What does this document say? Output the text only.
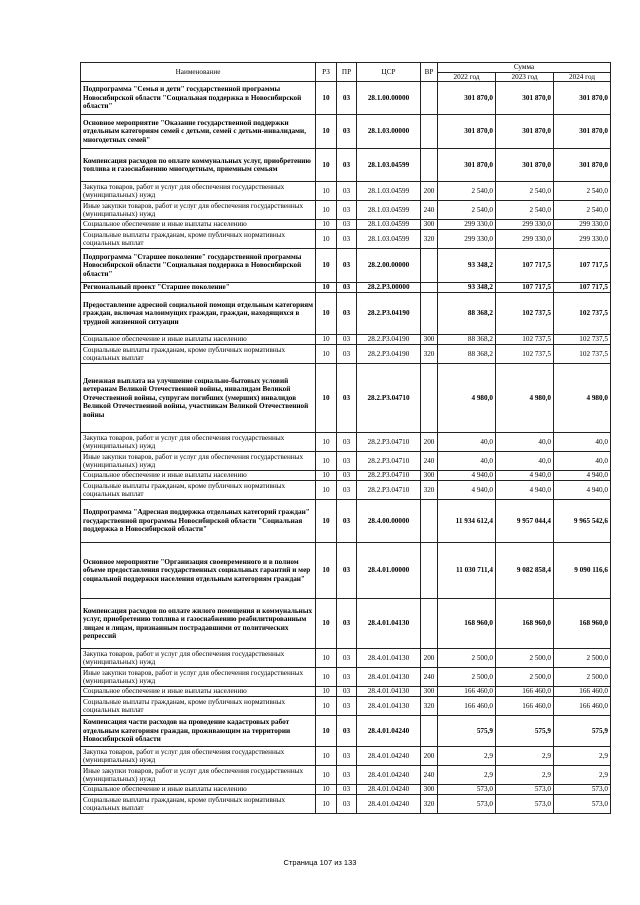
Наименование	РЗ	ПР	ЦСР	ВР	Сумма		
					2022 год	2023 год	2024 год
Подпрограмма "Семья и дети" государственной программы Новосибирской области "Социальная поддержка в Новосибирской области"	10	03	28.1.00.00000		301 870,0	301 870,0	301 870,0
Основное мероприятие "Оказание государственной поддержки отдельным категориям семей с детьми, семей с детьми-инвалидами, многодетных семей"	10	03	28.1.03.00000		301 870,0	301 870,0	301 870,0
Компенсация расходов по оплате коммунальных услуг, приобретению топлива и газоснабжению многодетным, приемным семьям	10	03	28.1.03.04599		301 870,0	301 870,0	301 870,0
Закупка товаров, работ и услуг для обеспечения государственных (муниципальных) нужд	10	03	28.1.03.04599	200	2 540,0	2 540,0	2 540,0
Иные закупки товаров, работ и услуг для обеспечения государственных (муниципальных) нужд	10	03	28.1.03.04599	240	2 540,0	2 540,0	2 540,0
Социальное обеспечение и иные выплаты населению	10	03	28.1.03.04599	300	299 330,0	299 330,0	299 330,0
Социальные выплаты гражданам, кроме публичных нормативных социальных выплат	10	03	28.1.03.04599	320	299 330,0	299 330,0	299 330,0
Подпрограмма "Старшее поколение" государственной программы Новосибирской области "Социальная поддержка в Новосибирской области"	10	03	28.2.00.00000		93 348,2	107 717,5	107 717,5
Региональный проект "Старшее поколение"	10	03	28.2.P3.00000		93 348,2	107 717,5	107 717,5
Предоставление адресной социальной помощи отдельным категориям граждан, включая малоимущих граждан, граждан, находящихся в трудной жизненной ситуации	10	03	28.2.P3.04190		88 368,2	102 737,5	102 737,5
Социальное обеспечение и иные выплаты населению	10	03	28.2.P3.04190	300	88 368,2	102 737,5	102 737,5
Социальные выплаты гражданам, кроме публичных нормативных социальных выплат	10	03	28.2.P3.04190	320	88 368,2	102 737,5	102 737,5
Денежная выплата на улучшение социально-бытовых условий ветеранам Великой Отечественной войны, инвалидам Великой Отечественной войны, супругам погибших (умерших) инвалидов Великой Отечественной войны, участникам Великой Отечественной войны	10	03	28.2.P3.04710		4 980,0	4 980,0	4 980,0
Закупка товаров, работ и услуг для обеспечения государственных (муниципальных) нужд	10	03	28.2.P3.04710	200	40,0	40,0	40,0
Иные закупки товаров, работ и услуг для обеспечения государственных (муниципальных) нужд	10	03	28.2.P3.04710	240	40,0	40,0	40,0
Социальное обеспечение и иные выплаты населению	10	03	28.2.P3.04710	300	4 940,0	4 940,0	4 940,0
Социальные выплаты гражданам, кроме публичных нормативных социальных выплат	10	03	28.2.P3.04710	320	4 940,0	4 940,0	4 940,0
Подпрограмма "Адресная поддержка отдельных категорий граждан" государственной программы Новосибирской области "Социальная поддержка в Новосибирской области"	10	03	28.4.00.00000		11 934 612,4	9 957 044,4	9 965 542,6
Основное мероприятие "Организация своевременного и в полном объеме предоставления государственных социальных гарантий и мер социальной поддержки населения отдельным категориям граждан"	10	03	28.4.01.00000		11 030 711,4	9 082 858,4	9 090 116,6
Компенсация расходов по оплате жилого помещения и коммунальных услуг, приобретению топлива и газоснабжению реабилитированным лицам и лицам, признанным пострадавшими от политических репрессий	10	03	28.4.01.04130		168 960,0	168 960,0	168 960,0
Закупка товаров, работ и услуг для обеспечения государственных (муниципальных) нужд	10	03	28.4.01.04130	200	2 500,0	2 500,0	2 500,0
Иные закупки товаров, работ и услуг для обеспечения государственных (муниципальных) нужд	10	03	28.4.01.04130	240	2 500,0	2 500,0	2 500,0
Социальное обеспечение и иные выплаты населению	10	03	28.4.01.04130	300	166 460,0	166 460,0	166 460,0
Социальные выплаты гражданам, кроме публичных нормативных социальных выплат	10	03	28.4.01.04130	320	166 460,0	166 460,0	166 460,0
Компенсация части расходов на проведение кадастровых работ отдельным категориям граждан, проживающим на территории Новосибирской области	10	03	28.4.01.04240		575,9	575,9	575,9
Закупка товаров, работ и услуг для обеспечения государственных (муниципальных) нужд	10	03	28.4.01.04240	200	2,9	2,9	2,9
Иные закупки товаров, работ и услуг для обеспечения государственных (муниципальных) нужд	10	03	28.4.01.04240	240	2,9	2,9	2,9
Социальное обеспечение и иные выплаты населению	10	03	28.4.01.04240	300	573,0	573,0	573,0
Социальные выплаты гражданам, кроме публичных нормативных социальных выплат	10	03	28.4.01.04240	320	573,0	573,0	573,0
Страница 107 из 133
